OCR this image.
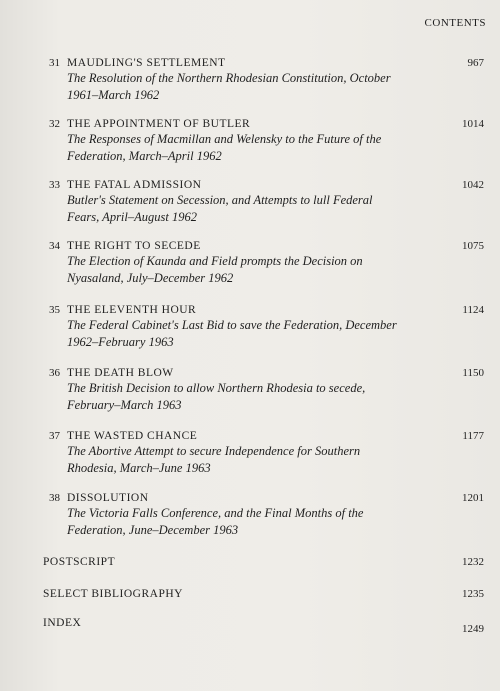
CONTENTS
31 MAUDLING'S SETTLEMENT	967
The Resolution of the Northern Rhodesian Constitution, October 1961–March 1962
32 THE APPOINTMENT OF BUTLER	1014
The Responses of Macmillan and Welensky to the Future of the Federation, March–April 1962
33 THE FATAL ADMISSION	1042
Butler's Statement on Secession, and Attempts to lull Federal Fears, April–August 1962
34 THE RIGHT TO SECEDE	1075
The Election of Kaunda and Field prompts the Decision on Nyasaland, July–December 1962
35 THE ELEVENTH HOUR	1124
The Federal Cabinet's Last Bid to save the Federation, December 1962–February 1963
36 THE DEATH BLOW	1150
The British Decision to allow Northern Rhodesia to secede, February–March 1963
37 THE WASTED CHANCE	1177
The Abortive Attempt to secure Independence for Southern Rhodesia, March–June 1963
38 DISSOLUTION	1201
The Victoria Falls Conference, and the Final Months of the Federation, June–December 1963
POSTSCRIPT	1232
SELECT BIBLIOGRAPHY	1235
INDEX	1249
